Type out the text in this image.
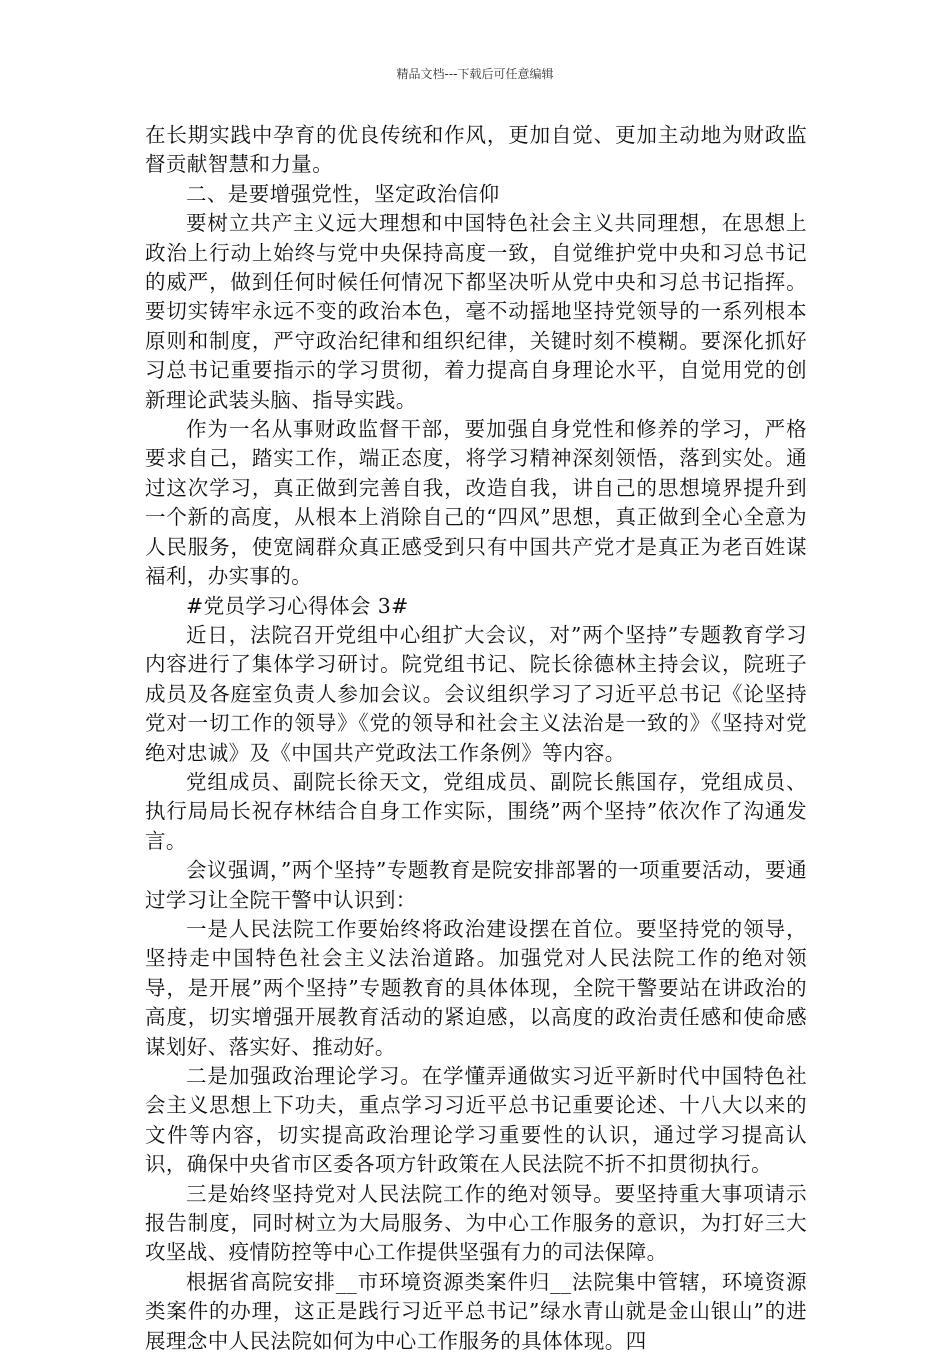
精品文档---下载后可任意编辑

在长期实践中孕育的优良传统和作风，更加自觉、更加主动地为财政监督贡献智慧和力量。

二、是要增强党性，坚定政治信仰

要树立共产主义远大理想和中国特色社会主义共同理想，在思想上政治上行动上始终与党中央保持高度一致，自觉维护党中央和习总书记的威严，做到任何时候任何情况下都坚决听从党中央和习总书记指挥。要切实铸牢永远不变的政治本色，毫不动摇地坚持党领导的一系列根本原则和制度，严守政治纪律和组织纪律，关键时刻不模糊。要深化抓好习总书记重要指示的学习贯彻，着力提高自身理论水平，自觉用党的创新理论武装头脑、指导实践。

作为一名从事财政监督干部，要加强自身党性和修养的学习，严格要求自己，踏实工作，端正态度，将学习精神深刻领悟，落到实处。通过这次学习，真正做到完善自我，改造自我，讲自己的思想境界提升到一个新的高度，从根本上消除自己的“四风”思想，真正做到全心全意为人民服务，使宽阔群众真正感受到只有中国共产党才是真正为老百姓谋福利，办实事的。

#党员学习心得体会 3#

近日，法院召开党组中心组扩大会议，对”两个坚持”专题教育学习内容进行了集体学习研讨。院党组书记、院长徐德林主持会议，院班子成员及各庭室负责人参加会议。会议组织学习了习近平总书记《论坚持党对一切工作的领导》《党的领导和社会主义法治是一致的》《坚持对党绝对忠诚》及《中国共产党政法工作条例》等内容。

党组成员、副院长徐天文，党组成员、副院长熊国存，党组成员、执行局局长祝存林结合自身工作实际，围绕”两个坚持”依次作了沟通发言。

会议强调，”两个坚持”专题教育是院安排部署的一项重要活动，要通过学习让全院干警中认识到：

一是人民法院工作要始终将政治建设摆在首位。要坚持党的领导，坚持走中国特色社会主义法治道路。加强党对人民法院工作的绝对领导，是开展”两个坚持”专题教育的具体体现，全院干警要站在讲政治的高度，切实增强开展教育活动的紧迫感，以高度的政治责任感和使命感谋划好、落实好、推动好。

二是加强政治理论学习。在学懂弄通做实习近平新时代中国特色社会主义思想上下功夫，重点学习习近平总书记重要论述、十八大以来的文件等内容，切实提高政治理论学习重要性的认识，通过学习提高认识，确保中央省市区委各项方针政策在人民法院不折不扣贯彻执行。

三是始终坚持党对人民法院工作的绝对领导。要坚持重大事项请示报告制度，同时树立为大局服务、为中心工作服务的意识，为打好三大攻坚战、疫情防控等中心工作提供坚强有力的司法保障。

根据省高院安排__市环境资源类案件归__法院集中管辖，环境资源类案件的办理，这正是践行习近平总书记”绿水青山就是金山银山”的进展理念中人民法院如何为中心工作服务的具体体现。四
